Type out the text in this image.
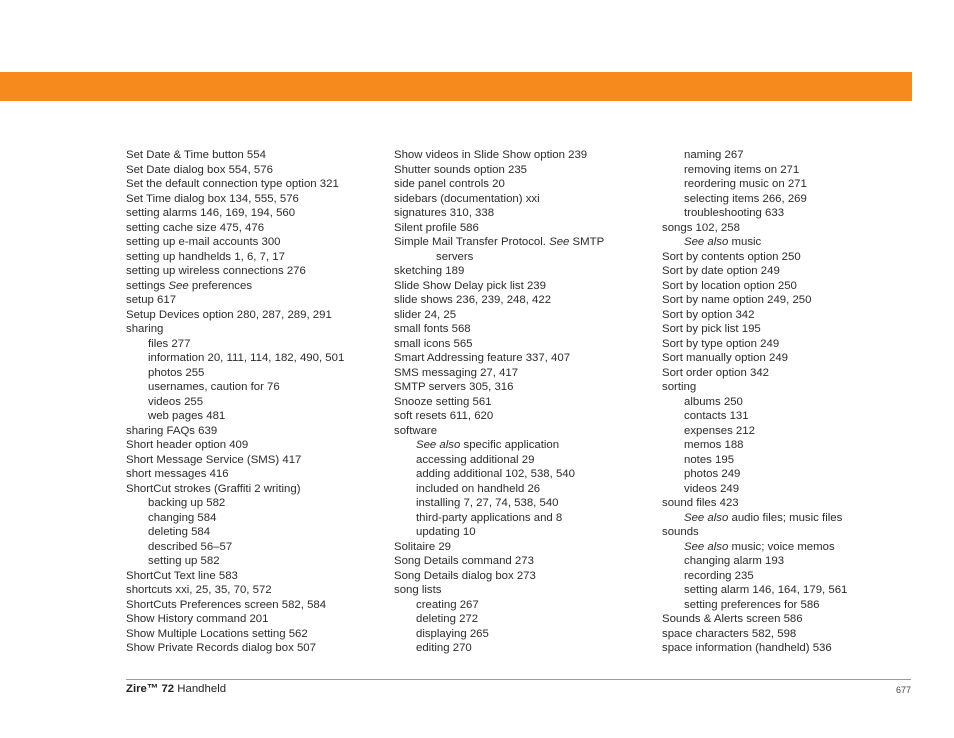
Set Date & Time button 554
Set Date dialog box 554, 576
Set the default connection type option 321
Set Time dialog box 134, 555, 576
setting alarms 146, 169, 194, 560
setting cache size 475, 476
setting up e-mail accounts 300
setting up handhelds 1, 6, 7, 17
setting up wireless connections 276
settings See preferences
setup 617
Setup Devices option 280, 287, 289, 291
sharing
files 277
information 20, 111, 114, 182, 490, 501
photos 255
usernames, caution for 76
videos 255
web pages 481
sharing FAQs 639
Short header option 409
Short Message Service (SMS) 417
short messages 416
ShortCut strokes (Graffiti 2 writing)
backing up 582
changing 584
deleting 584
described 56–57
setting up 582
ShortCut Text line 583
shortcuts xxi, 25, 35, 70, 572
ShortCuts Preferences screen 582, 584
Show History command 201
Show Multiple Locations setting 562
Show Private Records dialog box 507
Show videos in Slide Show option 239
Shutter sounds option 235
side panel controls 20
sidebars (documentation) xxi
signatures 310, 338
Silent profile 586
Simple Mail Transfer Protocol. See SMTP
servers
sketching 189
Slide Show Delay pick list 239
slide shows 236, 239, 248, 422
slider 24, 25
small fonts 568
small icons 565
Smart Addressing feature 337, 407
SMS messaging 27, 417
SMTP servers 305, 316
Snooze setting 561
soft resets 611, 620
software
See also specific application
accessing additional 29
adding additional 102, 538, 540
included on handheld 26
installing 7, 27, 74, 538, 540
third-party applications and 8
updating 10
Solitaire 29
Song Details command 273
Song Details dialog box 273
song lists
creating 267
deleting 272
displaying 265
editing 270
naming 267
removing items on 271
reordering music on 271
selecting items 266, 269
troubleshooting 633
songs 102, 258
See also music
Sort by contents option 250
Sort by date option 249
Sort by location option 250
Sort by name option 249, 250
Sort by option 342
Sort by pick list 195
Sort by type option 249
Sort manually option 249
Sort order option 342
sorting
albums 250
contacts 131
expenses 212
memos 188
notes 195
photos 249
videos 249
sound files 423
See also audio files; music files
sounds
See also music; voice memos
changing alarm 193
recording 235
setting alarm 146, 164, 179, 561
setting preferences for 586
Sounds & Alerts screen 586
space characters 582, 598
space information (handheld) 536
Zire™ 72 Handheld	677
